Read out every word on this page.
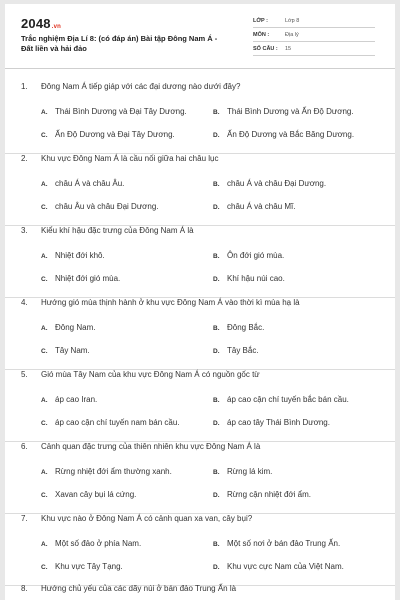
2048.vn
Trắc nghiệm Địa Lí 8: (có đáp án) Bài tập Đông Nam Á - Đất liền và hải đảo
LỚP :	Lớp 8
MÔN :	Địa lý
SỐ CÂU :	15
1. Đông Nam Á tiếp giáp với các đại dương nào dưới đây?
A. Thái Bình Dương và Đại Tây Dương.	B. Thái Bình Dương và Ấn Độ Dương.
C. Ấn Độ Dương và Đại Tây Dương.	D. Ấn Độ Dương và Bắc Băng Dương.
2. Khu vực Đông Nam Á là cầu nối giữa hai châu lục
A. châu Á và châu Âu.	B. châu Á và châu Đại Dương.
C. châu Âu và châu Đại Dương.	D. châu Á và châu Mĩ.
3. Kiểu khí hậu đặc trưng của Đông Nam Á là
A. Nhiệt đới khô.	B. Ôn đới gió mùa.
C. Nhiệt đới gió mùa.	D. Khí hậu núi cao.
4. Hướng gió mùa thịnh hành ở khu vực Đông Nam Á vào thời kì mùa hạ là
A. Đông Nam.	B. Đông Bắc.
C. Tây Nam.	D. Tây Bắc.
5. Gió mùa Tây Nam của khu vực Đông Nam Á có nguồn gốc từ
A. áp cao Iran.	B. áp cao cận chí tuyến bắc bán cầu.
C. áp cao cận chí tuyến nam bán cầu.	D. áp cao tây Thái Bình Dương.
6. Cảnh quan đặc trưng của thiên nhiên khu vực Đông Nam Á là
A. Rừng nhiệt đới ẩm thường xanh.	B. Rừng lá kim.
C. Xavan cây bụi lá cứng.	D. Rừng cận nhiệt đới ẩm.
7. Khu vực nào ở Đông Nam Á có cảnh quan xa van, cây bụi?
A. Một số đảo ở phía Nam.	B. Một số nơi ở bán đảo Trung Ấn.
C. Khu vực Tây Tạng.	D. Khu vực cực Nam của Việt Nam.
8. Hướng chủ yếu của các dãy núi ở bán đảo Trung Ấn là
